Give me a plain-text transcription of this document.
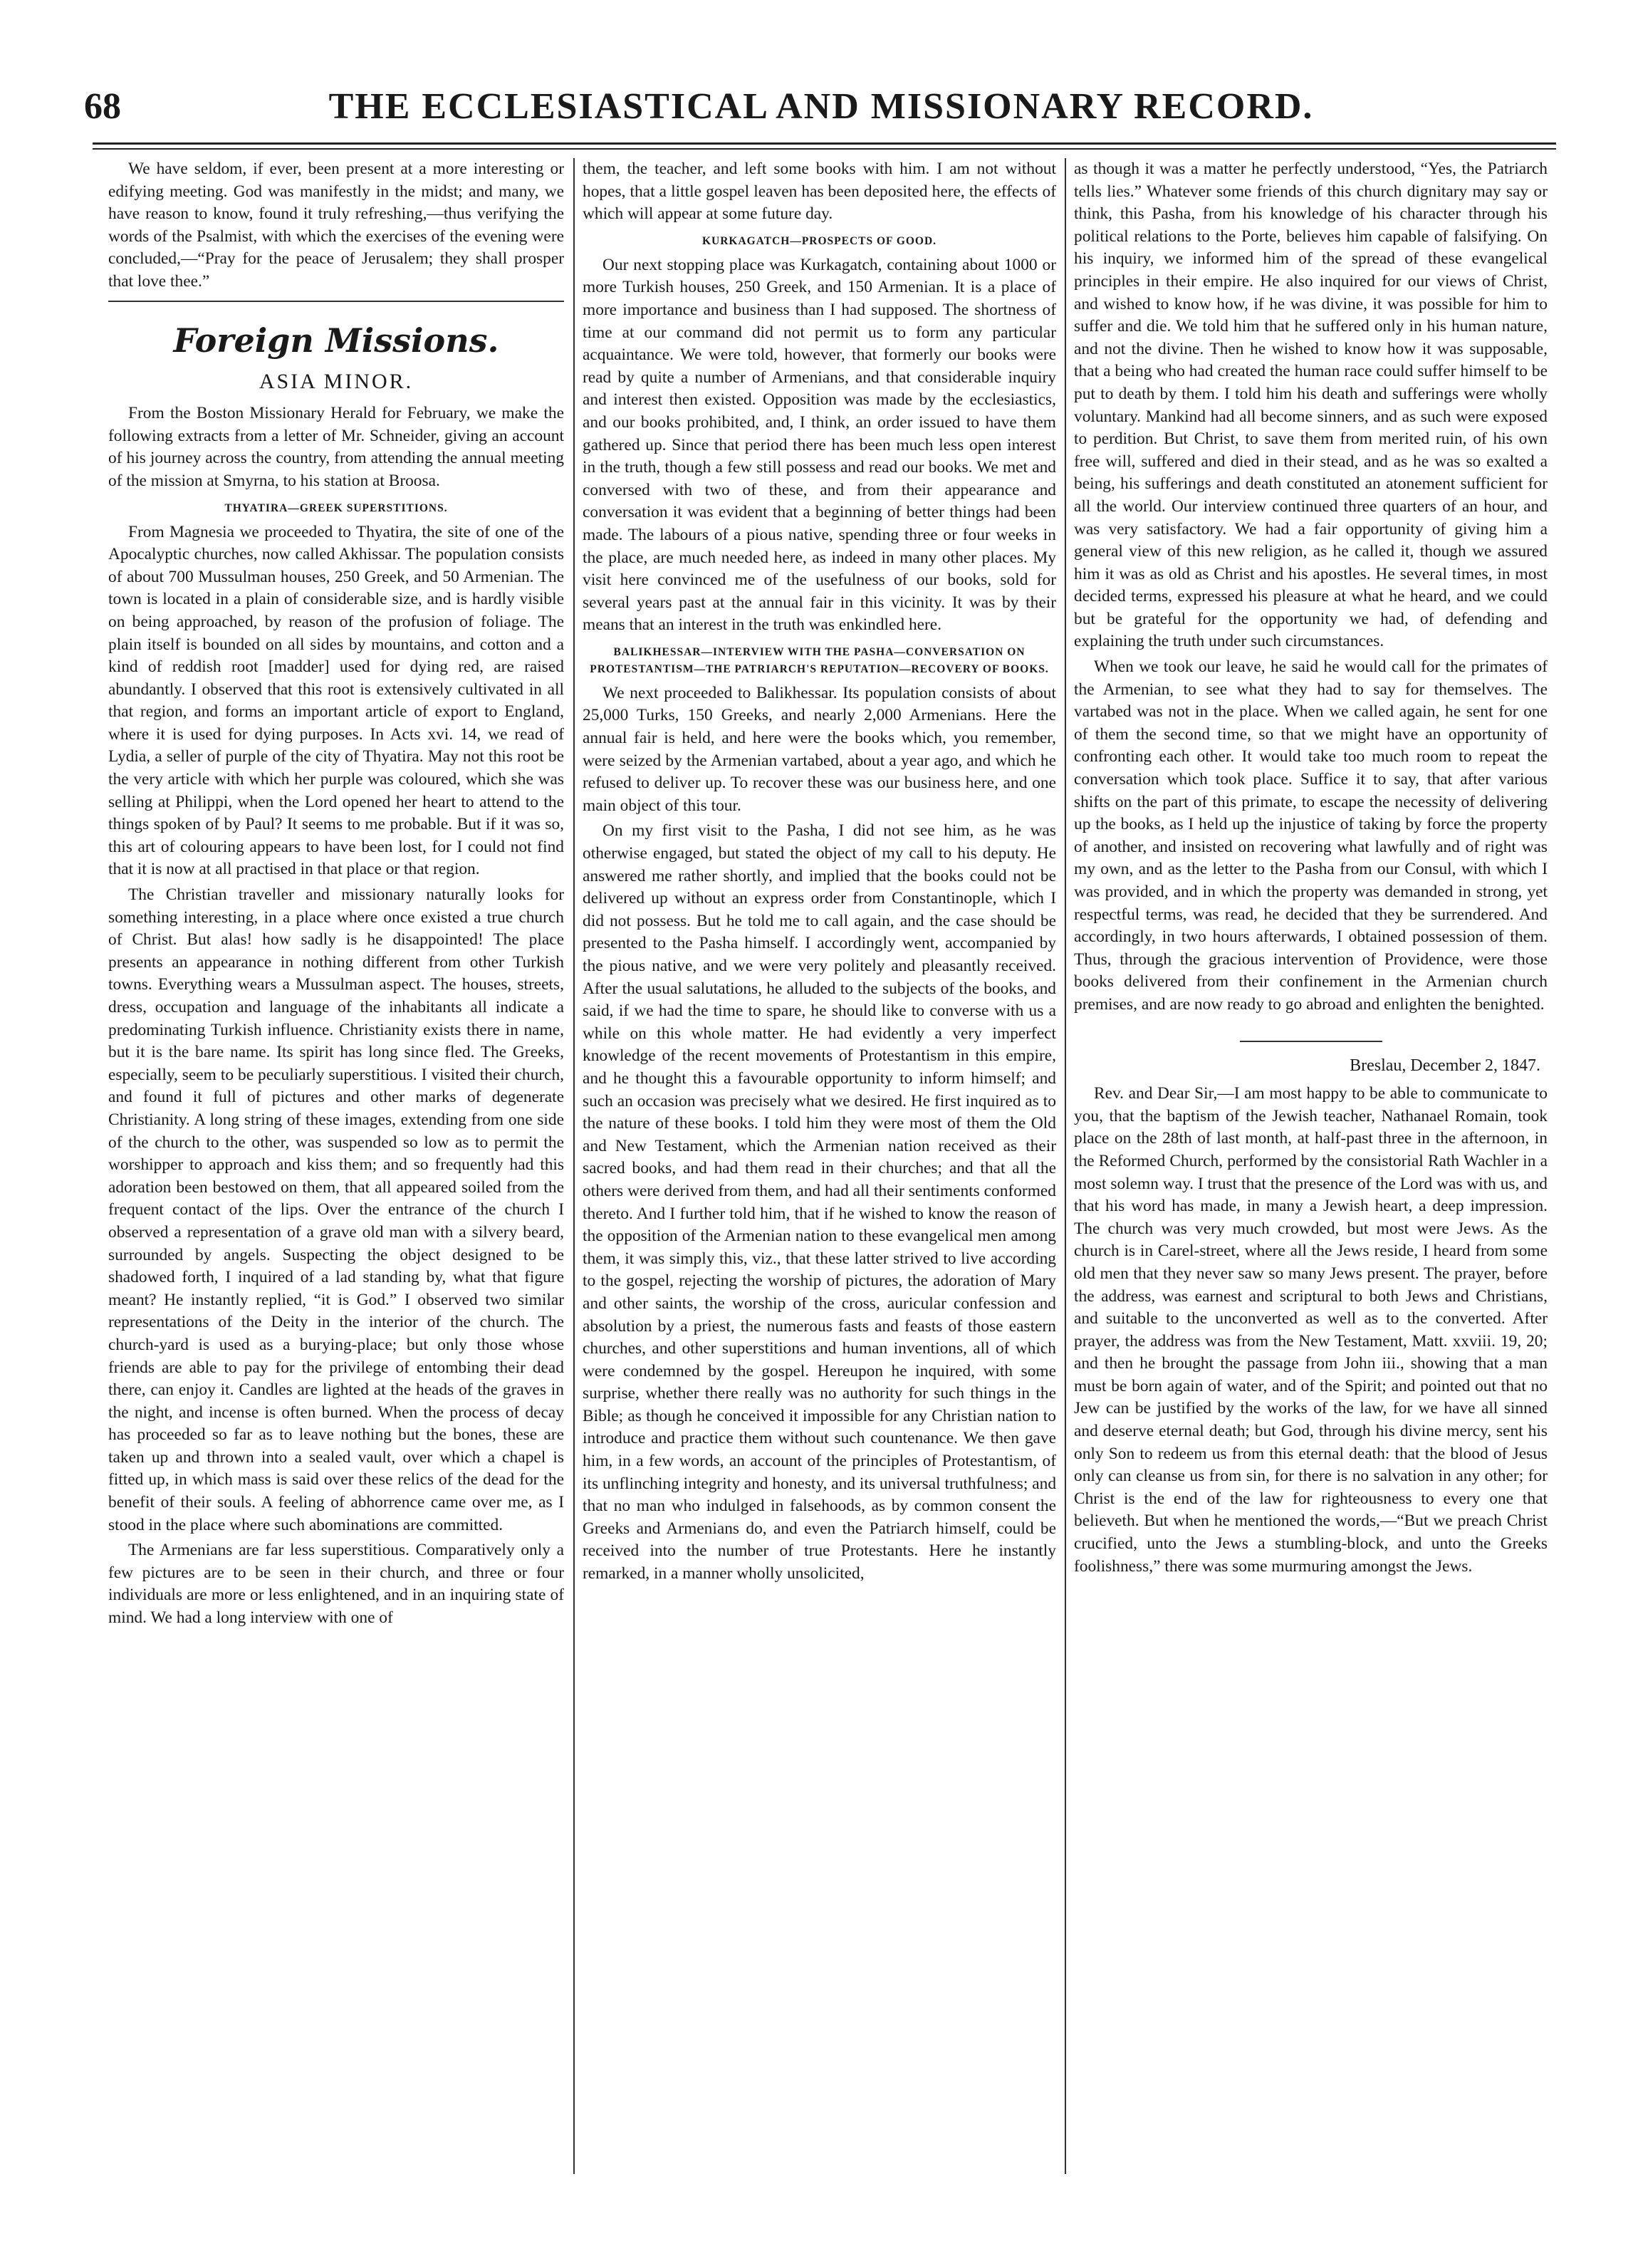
THE ECCLESIASTICAL AND MISSIONARY RECORD.
68

We have seldom, if ever, been present at a more interesting or edifying meeting. God was manifestly in the midst; and many, we have reason to know, found it truly refreshing,—thus verifying the words of the Psalmist, with which the exercises of the evening were concluded,—“Pray for the peace of Jerusalem; they shall prosper that love thee.”

Foreign Missions.
ASIA MINOR.

From the Boston Missionary Herald for February, we make the following extracts from a letter of Mr. Schneider, giving an account of his journey across the country, from attending the annual meeting of the mission at Smyrna, to his station at Broosa.

THYATIRA—GREEK SUPERSTITIONS.

From Magnesia we proceeded to Thyatira, the site of one of the Apocalyptic churches, now called Akhissar. The population consists of about 700 Mussulman houses, 250 Greek, and 50 Armenian. The town is located in a plain of considerable size, and is hardly visible on being approached, by reason of the profusion of foliage. The plain itself is bounded on all sides by mountains, and cotton and a kind of reddish root [madder] used for dying red, are raised abundantly. I observed that this root is extensively cultivated in all that region, and forms an important article of export to England, where it is used for dying purposes. In Acts xvi. 14, we read of Lydia, a seller of purple of the city of Thyatira. May not this root be the very article with which her purple was coloured, which she was selling at Philippi, when the Lord opened her heart to attend to the things spoken of by Paul? It seems to me probable. But if it was so, this art of colouring appears to have been lost, for I could not find that it is now at all practised in that place or that region.

The Christian traveller and missionary naturally looks for something interesting, in a place where once existed a true church of Christ. But alas! how sadly is he disappointed! The place presents an appearance in nothing different from other Turkish towns. Everything wears a Mussulman aspect. The houses, streets, dress, occupation and language of the inhabitants all indicate a predominating Turkish influence. Christianity exists there in name, but it is the bare name. Its spirit has long since fled. The Greeks, especially, seem to be peculiarly superstitious. I visited their church, and found it full of pictures and other marks of degenerate Christianity. A long string of these images, extending from one side of the church to the other, was suspended so low as to permit the worshipper to approach and kiss them; and so frequently had this adoration been bestowed on them, that all appeared soiled from the frequent contact of the lips. Over the entrance of the church I observed a representation of a grave old man with a silvery beard, surrounded by angels. Suspecting the object designed to be shadowed forth, I inquired of a lad standing by, what that figure meant? He instantly replied, “it is God.” I observed two similar representations of the Deity in the interior of the church. The church-yard is used as a burying-place; but only those whose friends are able to pay for the privilege of entombing their dead there, can enjoy it. Candles are lighted at the heads of the graves in the night, and incense is often burned. When the process of decay has proceeded so far as to leave nothing but the bones, these are taken up and thrown into a sealed vault, over which a chapel is fitted up, in which mass is said over these relics of the dead for the benefit of their souls. A feeling of abhorrence came over me, as I stood in the place where such abominations are committed.

The Armenians are far less superstitious. Comparatively only a few pictures are to be seen in their church, and three or four individuals are more or less enlightened, and in an inquiring state of mind. We had a long interview with one of

them, the teacher, and left some books with him. I am not without hopes, that a little gospel leaven has been deposited here, the effects of which will appear at some future day.

KURKAGATCH—PROSPECTS OF GOOD.

Our next stopping place was Kurkagatch, containing about 1000 or more Turkish houses, 250 Greek, and 150 Armenian. It is a place of more importance and business than I had supposed. The shortness of time at our command did not permit us to form any particular acquaintance. We were told, however, that formerly our books were read by quite a number of Armenians, and that considerable inquiry and interest then existed. Opposition was made by the ecclesiastics, and our books prohibited, and, I think, an order issued to have them gathered up. Since that period there has been much less open interest in the truth, though a few still possess and read our books. We met and conversed with two of these, and from their appearance and conversation it was evident that a beginning of better things had been made. The labours of a pious native, spending three or four weeks in the place, are much needed here, as indeed in many other places. My visit here convinced me of the usefulness of our books, sold for several years past at the annual fair in this vicinity. It was by their means that an interest in the truth was enkindled here.

BALIKHESSAR—INTERVIEW WITH THE PASHA—CONVERSATION ON PROTESTANTISM—THE PATRIARCH'S REPUTATION—RECOVERY OF BOOKS.

We next proceeded to Balikhessar. Its population consists of about 25,000 Turks, 150 Greeks, and nearly 2,000 Armenians. Here the annual fair is held, and here were the books which, you remember, were seized by the Armenian vartabed, about a year ago, and which he refused to deliver up. To recover these was our business here, and one main object of this tour.

On my first visit to the Pasha, I did not see him, as he was otherwise engaged, but stated the object of my call to his deputy. He answered me rather shortly, and implied that the books could not be delivered up without an express order from Constantinople, which I did not possess. But he told me to call again, and the case should be presented to the Pasha himself. I accordingly went, accompanied by the pious native, and we were very politely and pleasantly received. After the usual salutations, he alluded to the subjects of the books, and said, if we had the time to spare, he should like to converse with us a while on this whole matter. He had evidently a very imperfect knowledge of the recent movements of Protestantism in this empire, and he thought this a favourable opportunity to inform himself; and such an occasion was precisely what we desired. He first inquired as to the nature of these books. I told him they were most of them the Old and New Testament, which the Armenian nation received as their sacred books, and had them read in their churches; and that all the others were derived from them, and had all their sentiments conformed thereto. And I further told him, that if he wished to know the reason of the opposition of the Armenian nation to these evangelical men among them, it was simply this, viz., that these latter strived to live according to the gospel, rejecting the worship of pictures, the adoration of Mary and other saints, the worship of the cross, auricular confession and absolution by a priest, the numerous fasts and feasts of those eastern churches, and other superstitions and human inventions, all of which were condemned by the gospel. Hereupon he inquired, with some surprise, whether there really was no authority for such things in the Bible; as though he conceived it impossible for any Christian nation to introduce and practice them without such countenance. We then gave him, in a few words, an account of the principles of Protestantism, of its unflinching integrity and honesty, and its universal truthfulness; and that no man who indulged in falsehoods, as by common consent the Greeks and Armenians do, and even the Patriarch himself, could be received into the number of true Protestants. Here he instantly remarked, in a manner wholly unsolicited,

as though it was a matter he perfectly understood, “Yes, the Patriarch tells lies.” Whatever some friends of this church dignitary may say or think, this Pasha, from his knowledge of his character through his political relations to the Porte, believes him capable of falsifying. On his inquiry, we informed him of the spread of these evangelical principles in their empire. He also inquired for our views of Christ, and wished to know how, if he was divine, it was possible for him to suffer and die. We told him that he suffered only in his human nature, and not the divine. Then he wished to know how it was supposable, that a being who had created the human race could suffer himself to be put to death by them. I told him his death and sufferings were wholly voluntary. Mankind had all become sinners, and as such were exposed to perdition. But Christ, to save them from merited ruin, of his own free will, suffered and died in their stead, and as he was so exalted a being, his sufferings and death constituted an atonement sufficient for all the world. Our interview continued three quarters of an hour, and was very satisfactory. We had a fair opportunity of giving him a general view of this new religion, as he called it, though we assured him it was as old as Christ and his apostles. He several times, in most decided terms, expressed his pleasure at what he heard, and we could but be grateful for the opportunity we had, of defending and explaining the truth under such circumstances.

When we took our leave, he said he would call for the primates of the Armenian, to see what they had to say for themselves. The vartabed was not in the place. When we called again, he sent for one of them the second time, so that we might have an opportunity of confronting each other. It would take too much room to repeat the conversation which took place. Suffice it to say, that after various shifts on the part of this primate, to escape the necessity of delivering up the books, as I held up the injustice of taking by force the property of another, and insisted on recovering what lawfully and of right was my own, and as the letter to the Pasha from our Consul, with which I was provided, and in which the property was demanded in strong, yet respectful terms, was read, he decided that they be surrendered. And accordingly, in two hours afterwards, I obtained possession of them. Thus, through the gracious intervention of Providence, were those books delivered from their confinement in the Armenian church premises, and are now ready to go abroad and enlighten the benighted.

Breslau, December 2, 1847.

Rev. and Dear Sir,—I am most happy to be able to communicate to you, that the baptism of the Jewish teacher, Nathanael Romain, took place on the 28th of last month, at half-past three in the afternoon, in the Reformed Church, performed by the consistorial Rath Wachler in a most solemn way. I trust that the presence of the Lord was with us, and that his word has made, in many a Jewish heart, a deep impression. The church was very much crowded, but most were Jews. As the church is in Carel-street, where all the Jews reside, I heard from some old men that they never saw so many Jews present. The prayer, before the address, was earnest and scriptural to both Jews and Christians, and suitable to the unconverted as well as to the converted. After prayer, the address was from the New Testament, Matt. xxviii. 19, 20; and then he brought the passage from John iii., showing that a man must be born again of water, and of the Spirit; and pointed out that no Jew can be justified by the works of the law, for we have all sinned and deserve eternal death; but God, through his divine mercy, sent his only Son to redeem us from this eternal death: that the blood of Jesus only can cleanse us from sin, for there is no salvation in any other; for Christ is the end of the law for righteousness to every one that believeth. But when he mentioned the words,—“But we preach Christ crucified, unto the Jews a stumbling-block, and unto the Greeks foolishness,” there was some murmuring amongst the Jews.
